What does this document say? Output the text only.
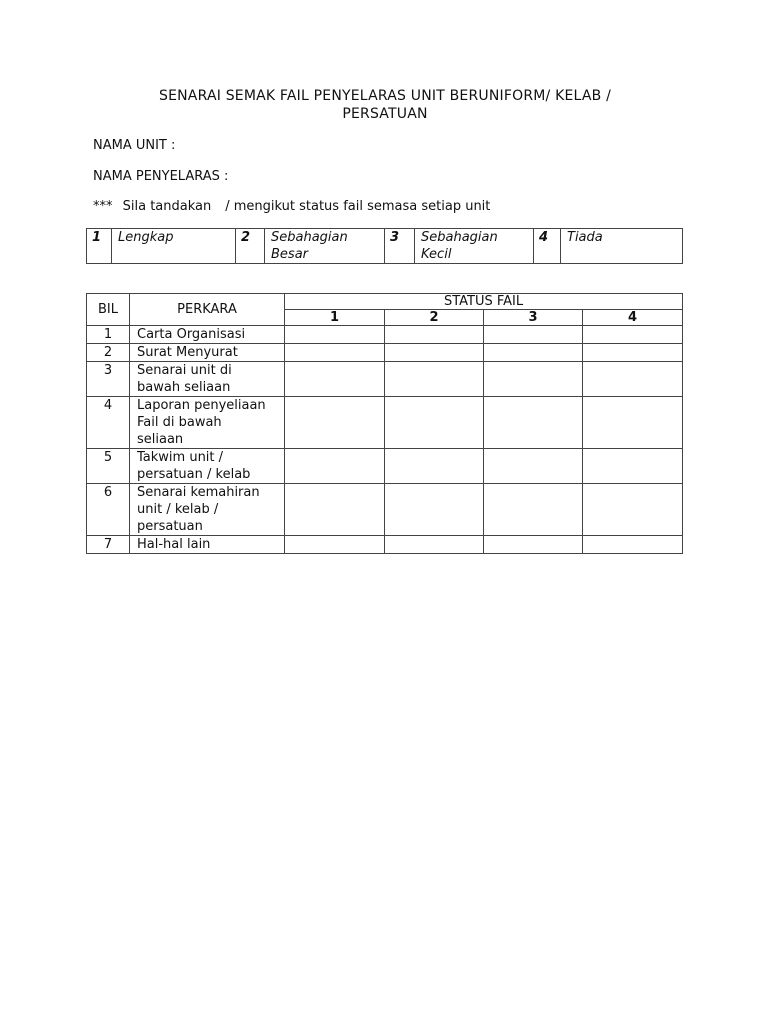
SENARAI SEMAK FAIL PENYELARAS UNIT BERUNIFORM/ KELAB /
PERSATUAN
NAMA UNIT :
NAMA PENYELARAS :
*** Sila tandakan / mengikut status fail semasa setiap unit
1	Lengkap	2	Sebahagian
Besar
	3	Sebahagian
Kecil
	4	Tiada
BIL	PERKARA	STATUS FAIL			
		1	2	3	4
1	Carta Organisasi				

2	Surat Menyurat				

3	Senarai unit di
bawah seliaan				

4	Laporan penyeliaan
Fail di bawah
seliaan				

5	Takwim unit /
persatuan / kelab				

6	Senarai kemahiran
unit / kelab /
persatuan				

7	Hal-hal lain				
